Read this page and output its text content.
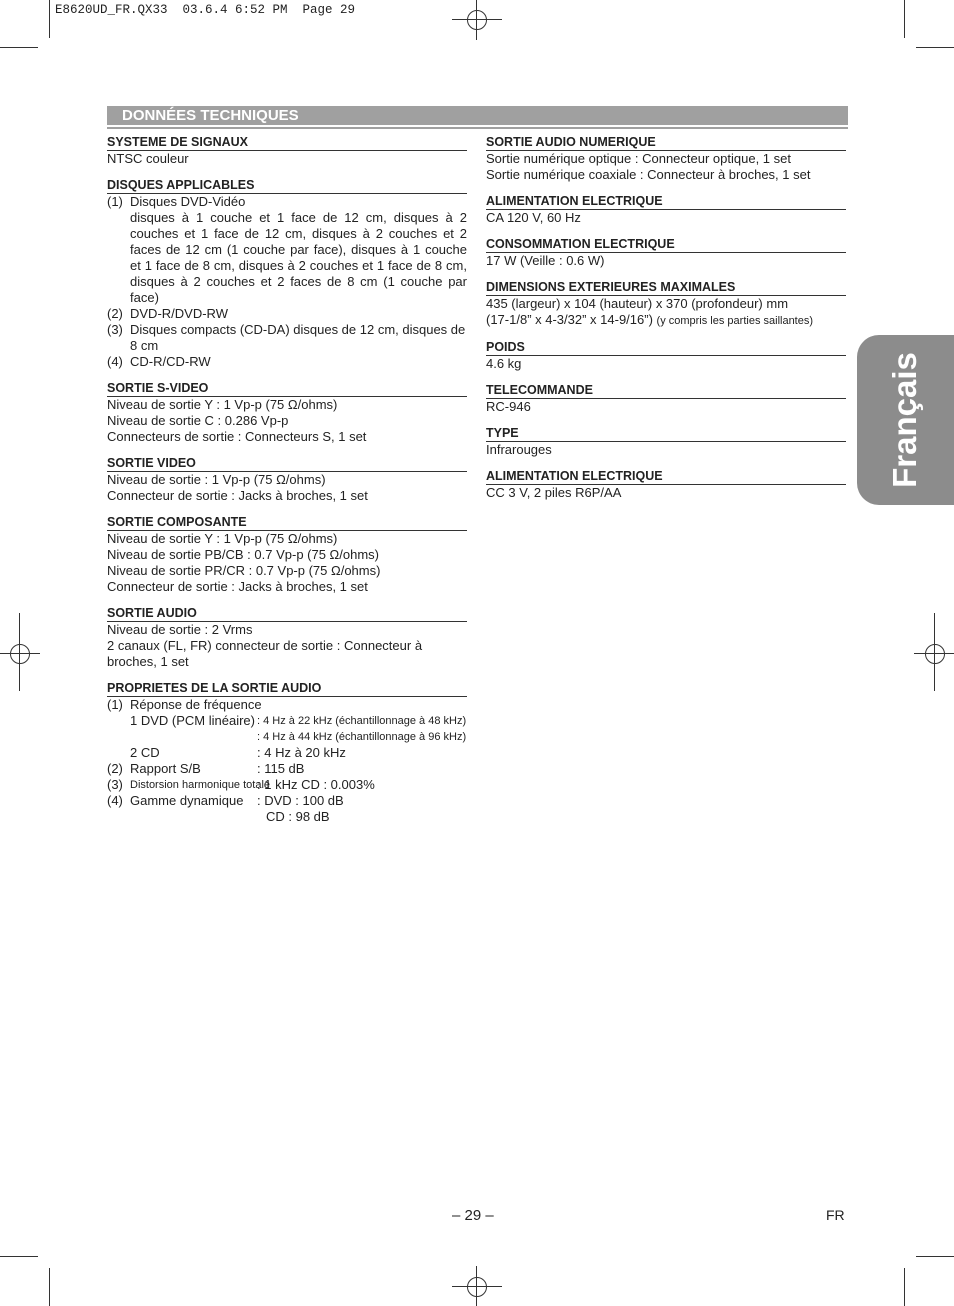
E8620UD_FR.QX33  03.6.4 6:52 PM  Page 29
DONNÉES TECHNIQUES
Français
SYSTEME DE SIGNAUX
NTSC couleur
DISQUES APPLICABLES
(1) Disques DVD-Vidéo
disques à 1 couche et 1 face de 12 cm, disques à 2 couches et 1 face de 12 cm, disques à 2 couches et 2 faces de 12 cm (1 couche par face), disques à 1 couche et 1 face de 8 cm, disques à 2 couches et 1 face de 8 cm, disques à 2 couches et 2 faces de 8 cm (1 couche par face)
(2) DVD-R/DVD-RW
(3) Disques compacts (CD-DA) disques de 12 cm, disques de 8 cm
(4) CD-R/CD-RW
SORTIE S-VIDEO
Niveau de sortie Y : 1 Vp-p (75 Ω/ohms)
Niveau de sortie C : 0.286 Vp-p
Connecteurs de sortie : Connecteurs S, 1 set
SORTIE VIDEO
Niveau de sortie : 1 Vp-p (75 Ω/ohms)
Connecteur de sortie : Jacks à broches, 1 set
SORTIE COMPOSANTE
Niveau de sortie Y : 1 Vp-p (75 Ω/ohms)
Niveau de sortie PB/CB : 0.7 Vp-p (75 Ω/ohms)
Niveau de sortie PR/CR : 0.7 Vp-p (75 Ω/ohms)
Connecteur de sortie : Jacks à broches, 1 set
SORTIE AUDIO
Niveau de sortie : 2 Vrms
2 canaux (FL, FR) connecteur de sortie : Connecteur à broches, 1 set
PROPRIETES DE LA SORTIE AUDIO
(1) Réponse de fréquence
1 DVD (PCM linéaire) : 4 Hz à 22 kHz (échantillonnage à 48 kHz)
: 4 Hz à 44 kHz (échantillonnage à 96 kHz)
2 CD	: 4 Hz à 20 kHz
(2) Rapport S/B	: 115 dB
(3) Distorsion harmonique totale
: 1 kHz CD : 0.003%
(4) Gamme dynamique : DVD : 100 dB
CD : 98 dB
SORTIE AUDIO NUMERIQUE
Sortie numérique optique : Connecteur optique, 1 set
Sortie numérique coaxiale : Connecteur à broches, 1 set
ALIMENTATION ELECTRIQUE
CA 120 V, 60 Hz
CONSOMMATION ELECTRIQUE
17 W (Veille : 0.6 W)
DIMENSIONS EXTERIEURES MAXIMALES
435 (largeur) x 104 (hauteur) x 370 (profondeur) mm
(17-1/8” x 4-3/32” x 14-9/16”) (y compris les parties saillantes)
POIDS
4.6 kg
TELECOMMANDE
RC-946
TYPE
Infrarouges
ALIMENTATION ELECTRIQUE
CC 3 V, 2 piles R6P/AA
– 29 –	FR
